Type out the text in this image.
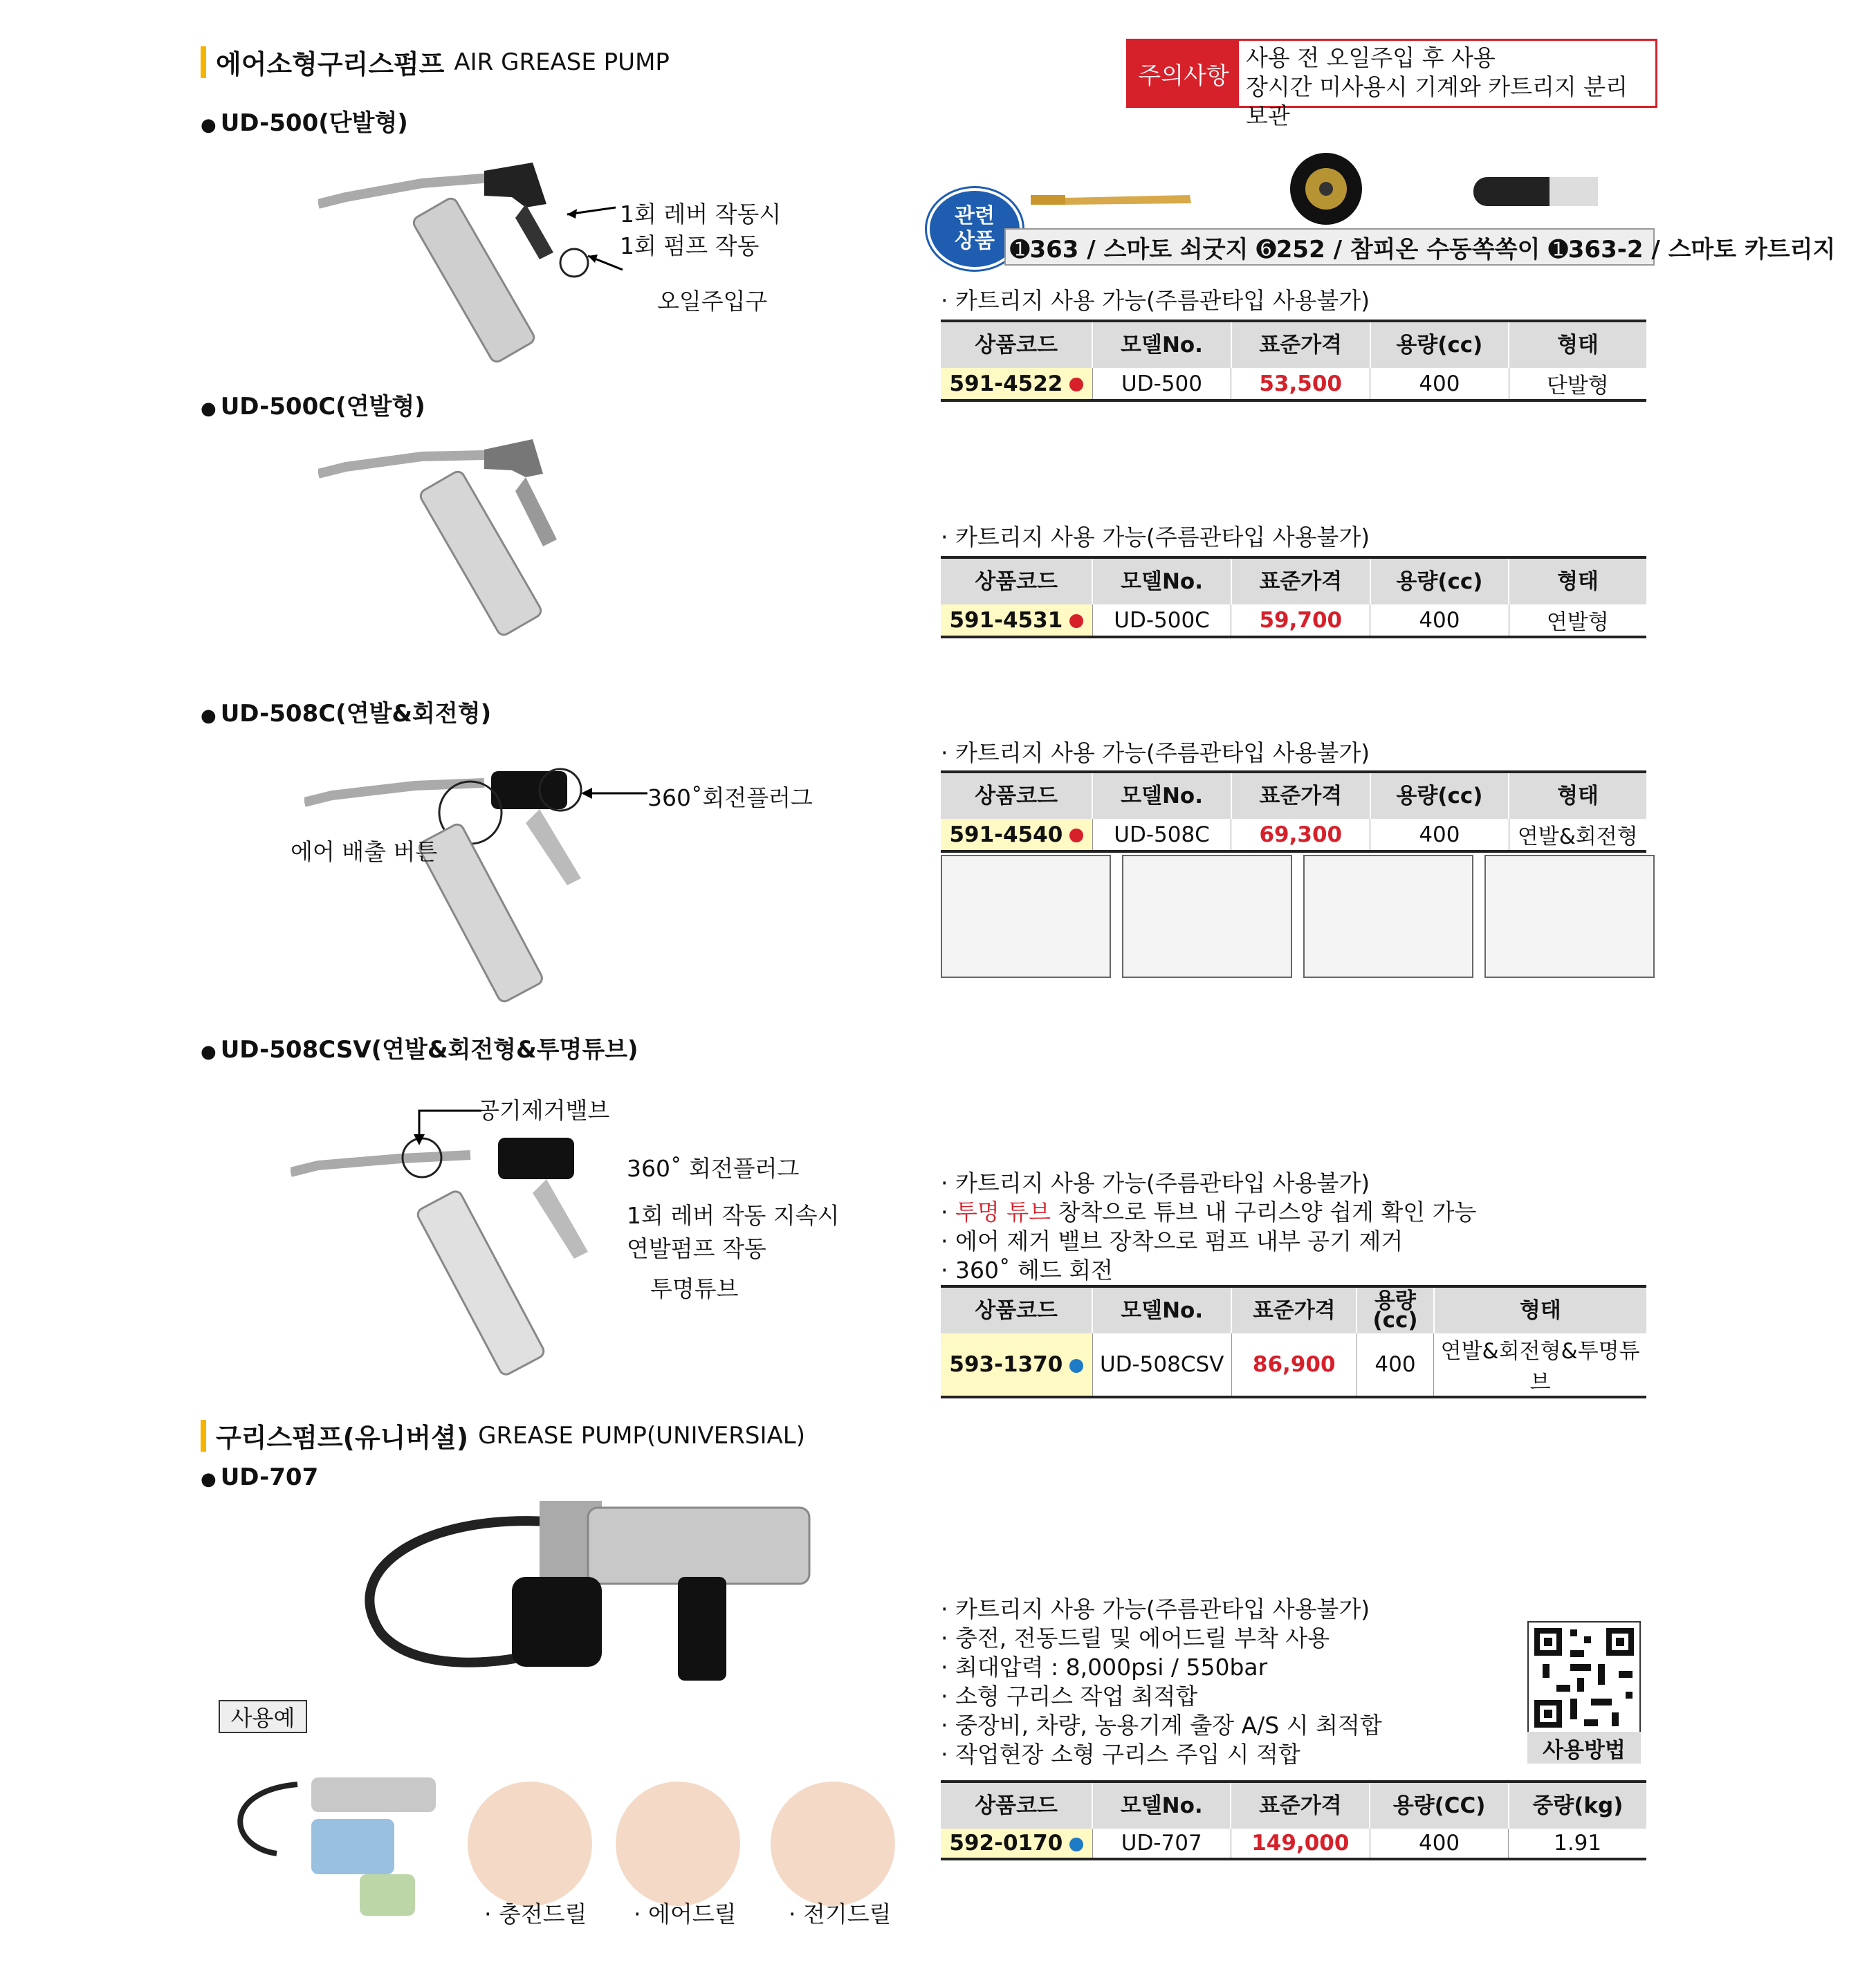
에어소형구리스펌프 AIR GREASE PUMP	주의사항
사용 전 오일주입 후 사용
장시간 미사용시 기계와 카트리지 분리 보관
관련
상품 ➊363 / 스마토 쇠굿지 ➏252 / 참피온 수동쏙쏙이 ➊363-2 / 스마토 카트리지
● UD-500(단발형)
1회 레버 작동시
1회 펌프 작동
오일주입구	· 카트리지 사용 가능(주름관타입 사용불가)
상품코드	모델No.	표준가격	용량(cc)	형태
591-4522	UD-500	53,500	400	단발형
● UD-500C(연발형)
· 카트리지 사용 가능(주름관타입 사용불가)
상품코드	모델No.	표준가격	용량(cc)	형태
591-4531	UD-500C	59,700	400	연발형
● UD-508C(연발&회전형)
360˚회전플러그
에어 배출 버튼
· 카트리지 사용 가능(주름관타입 사용불가)
상품코드	모델No.	표준가격	용량(cc)	형태
591-4540	UD-508C	69,300	400	연발&회전형
● UD-508CSV(연발&회전형&투명튜브)
공기제거밸브
360˚ 회전플러그
1회 레버 작동 지속시
연발펌프 작동
투명튜브
· 카트리지 사용 가능(주름관타입 사용불가)
· 투명 튜브 창착으로 튜브 내 구리스양 쉽게 확인 가능
· 에어 제거 밸브 장착으로 펌프 내부 공기 제거
· 360˚ 헤드 회전
상품코드	모델No.	표준가격	용량(cc)	형태
593-1370	UD-508CSV	86,900	400	연발&회전형&투명튜브
구리스펌프(유니버셜) GREASE PUMP(UNIVERSIAL)
● UD-707
사용예
· 충전드릴 · 에어드릴 · 전기드릴
· 카트리지 사용 가능(주름관타입 사용불가)
· 충전, 전동드릴 및 에어드릴 부착 사용
· 최대압력 : 8,000psi / 550bar
· 소형 구리스 작업 최적합
· 중장비, 차량, 농용기계 출장 A/S 시 최적합
· 작업현장 소형 구리스 주입 시 적합	사용방법
상품코드	모델No.	표준가격	용량(CC)	중량(kg)
592-0170	UD-707	149,000	400	1.91
